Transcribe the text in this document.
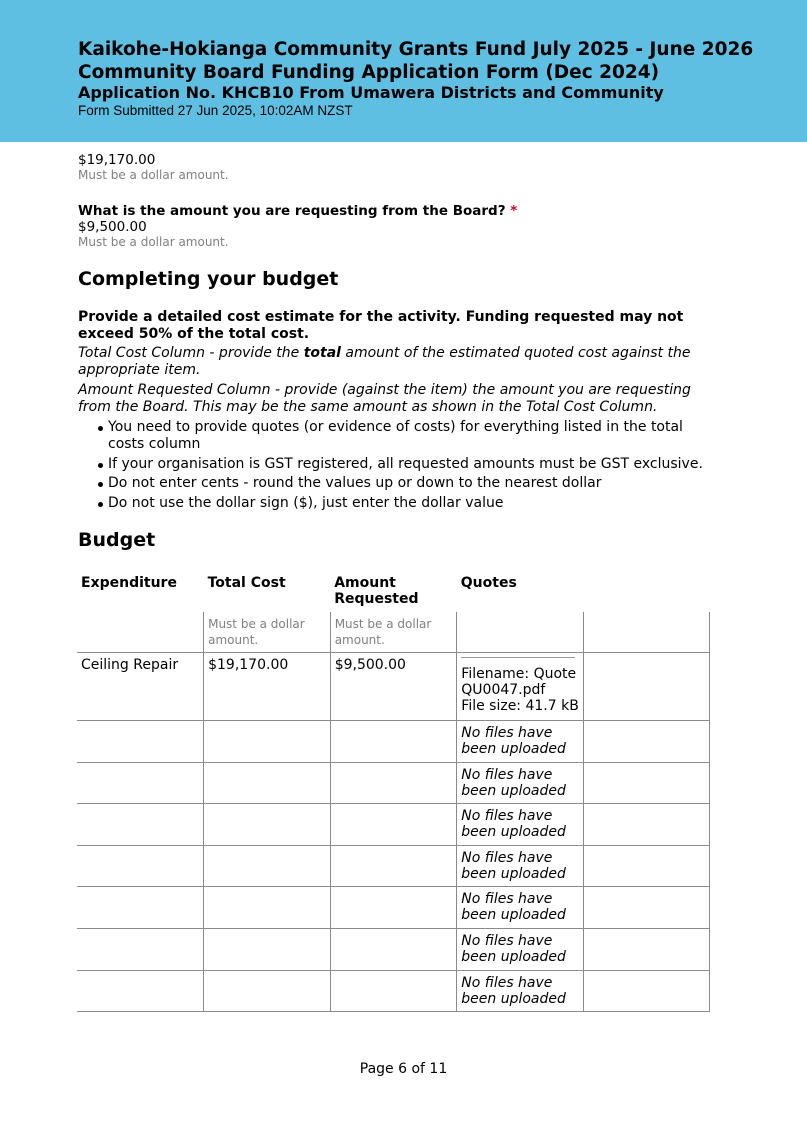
Kaikohe-Hokianga Community Grants Fund July 2025 - June 2026
Community Board Funding Application Form (Dec 2024)
Application No. KHCB10 From Umawera Districts and Community
Form Submitted 27 Jun 2025, 10:02AM NZST
$19,170.00
Must be a dollar amount.
What is the amount you are requesting from the Board? *
$9,500.00
Must be a dollar amount.
Completing your budget
Provide a detailed cost estimate for the activity. Funding requested may not exceed 50% of the total cost.
Total Cost Column - provide the total amount of the estimated quoted cost against the appropriate item.
Amount Requested Column - provide (against the item) the amount you are requesting from the Board. This may be the same amount as shown in the Total Cost Column.
You need to provide quotes (or evidence of costs) for everything listed in the total costs column
If your organisation is GST registered, all requested amounts must be GST exclusive.
Do not enter cents - round the values up or down to the nearest dollar
Do not use the dollar sign ($), just enter the dollar value
Budget
Expenditure	Total Cost	Amount Requested	Quotes	
	Must be a dollar amount.	Must be a dollar amount.		
Ceiling Repair	$19,170.00	$9,500.00	Filename: Quote QU0047.pdf
File size: 41.7 kB	

			No files have been uploaded	
			No files have been uploaded	
			No files have been uploaded	
			No files have been uploaded	
			No files have been uploaded	
			No files have been uploaded	
			No files have been uploaded	
Page 6 of 11
